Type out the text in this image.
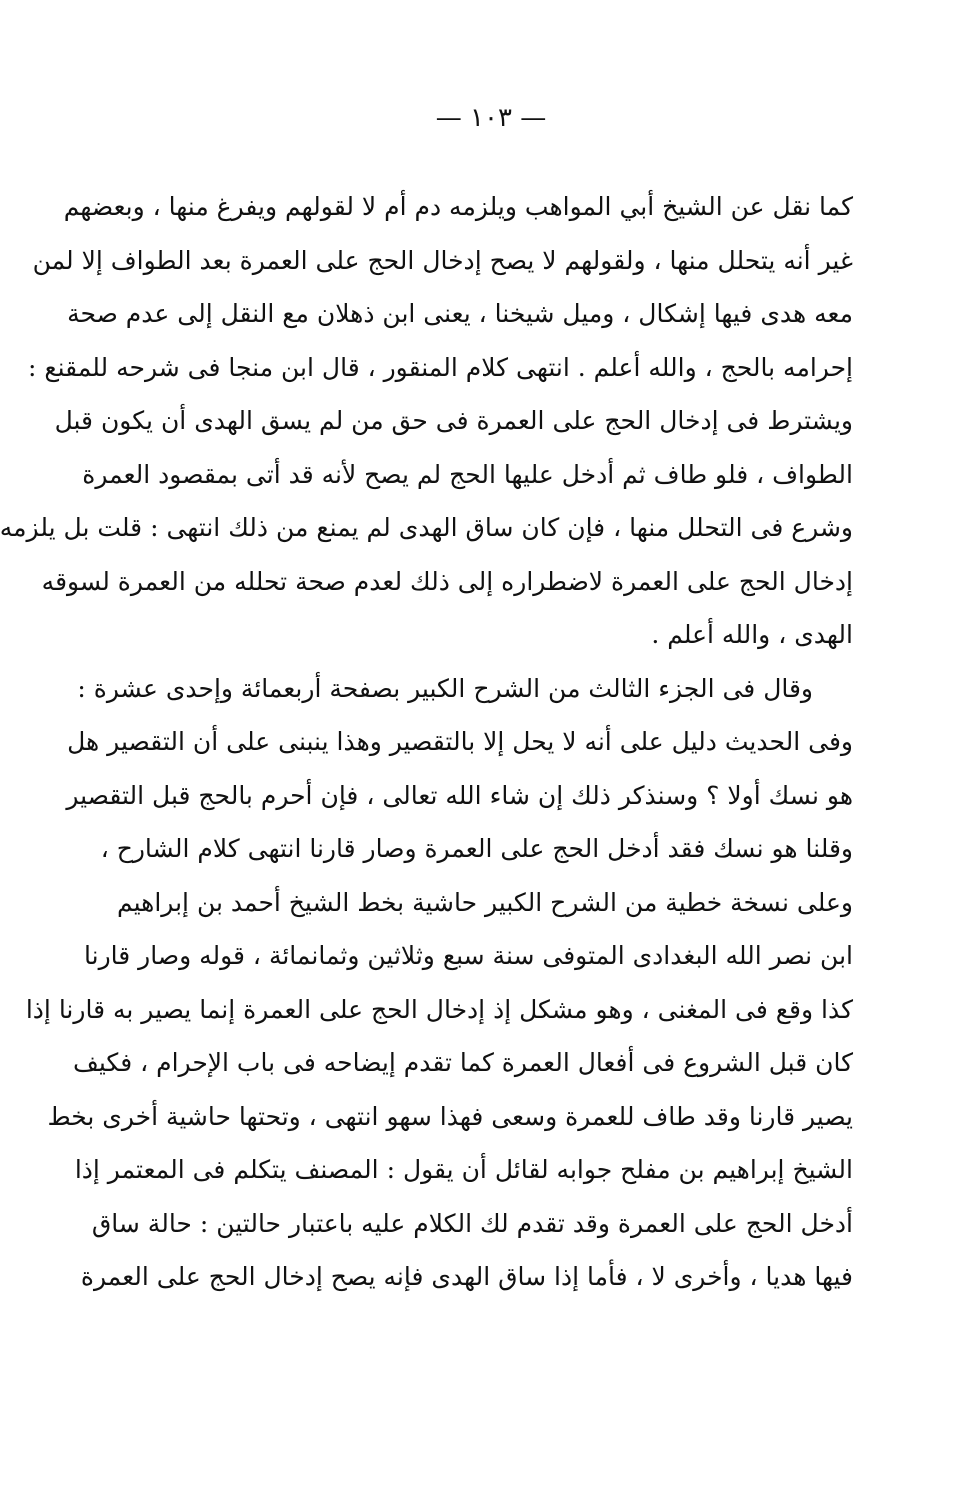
— ١٠٣ —
كما نقل عن الشيخ أبي المواهب ويلزمه دم أم لا لقولهم ويفرغ منها ، وبعضهم
غير أنه يتحلل منها ، ولقولهم لا يصح إدخال الحج على العمرة بعد الطواف إلا لمن
معه هدى فيها إشكال ، وميل شيخنا ، يعنى ابن ذهلان مع النقل إلى عدم صحة
إحرامه بالحج ، والله أعلم . انتهى كلام المنقور ، قال ابن منجا فى شرحه للمقنع :
ويشترط فى إدخال الحج على العمرة فى حق من لم يسق الهدى أن يكون قبل
الطواف ، فلو طاف ثم أدخل عليها الحج لم يصح لأنه قد أتى بمقصود العمرة
وشرع فى التحلل منها ، فإن كان ساق الهدى لم يمنع من ذلك انتهى : قلت بل يلزمه
إدخال الحج على العمرة لاضطراره إلى ذلك لعدم صحة تحلله من العمرة لسوقه
الهدى ، والله أعلم .
وقال فى الجزء الثالث من الشرح الكبير بصفحة أربعمائة وإحدى عشرة :
وفى الحديث دليل على أنه لا يحل إلا بالتقصير وهذا ينبنى على أن التقصير هل
هو نسك أولا ؟ وسنذكر ذلك إن شاء الله تعالى ، فإن أحرم بالحج قبل التقصير
وقلنا هو نسك فقد أدخل الحج على العمرة وصار قارنا انتهى كلام الشارح ،
وعلى نسخة خطية من الشرح الكبير حاشية بخط الشيخ أحمد بن إبراهيم
ابن نصر الله البغدادى المتوفى سنة سبع وثلاثين وثمانمائة ، قوله وصار قارنا
كذا وقع فى المغنى ، وهو مشكل إذ إدخال الحج على العمرة إنما يصير به قارنا إذا
كان قبل الشروع فى أفعال العمرة كما تقدم إيضاحه فى باب الإحرام ، فكيف
يصير قارنا وقد طاف للعمرة وسعى فهذا سهو انتهى ، وتحتها حاشية أخرى بخط
الشيخ إبراهيم بن مفلح جوابه لقائل أن يقول : المصنف يتكلم فى المعتمر إذا
أدخل الحج على العمرة وقد تقدم لك الكلام عليه باعتبار حالتين : حالة ساق
فيها هديا ، وأخرى لا ، فأما إذا ساق الهدى فإنه يصح إدخال الحج على العمرة
